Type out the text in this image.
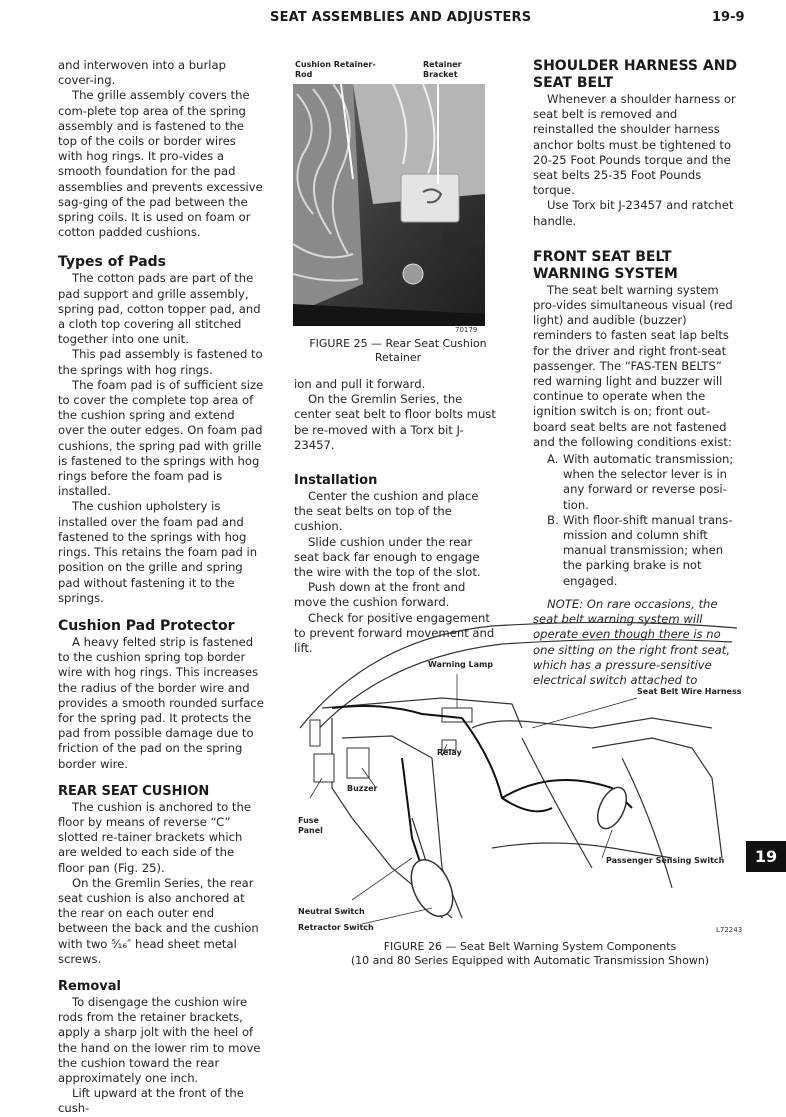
SEAT ASSEMBLIES AND ADJUSTERS	19-9

and interwoven into a burlap cover-ing.

The grille assembly covers the com-plete top area of the spring assembly and is fastened to the top of the coils or border wires with hog rings. It pro-vides a smooth foundation for the pad assemblies and prevents excessive sag-ging of the pad between the spring coils. It is used on foam or cotton padded cushions.

Types of Pads

The cotton pads are part of the pad support and grille assembly, spring pad, cotton topper pad, and a cloth top covering all stitched together into one unit.

This pad assembly is fastened to the springs with hog rings.

The foam pad is of sufficient size to cover the complete top area of the cushion spring and extend over the outer edges. On foam pad cushions, the spring pad with grille is fastened to the springs with hog rings before the foam pad is installed.

The cushion upholstery is installed over the foam pad and fastened to the springs with hog rings. This retains the foam pad in position on the grille and spring pad without fastening it to the springs.

Cushion Pad Protector

A heavy felted strip is fastened to the cushion spring top border wire with hog rings. This increases the radius of the border wire and provides a smooth rounded surface for the spring pad. It protects the pad from possible damage due to friction of the pad on the spring border wire.

REAR SEAT CUSHION

The cushion is anchored to the floor by means of reverse “C” slotted re-tainer brackets which are welded to each side of the floor pan (Fig. 25).

On the Gremlin Series, the rear seat cushion is also anchored at the rear on each outer end between the back and the cushion with two ⁵⁄₁₆″ head sheet metal screws.

Removal

To disengage the cushion wire rods from the retainer brackets, apply a sharp jolt with the heel of the hand on the lower rim to move the cushion toward the rear approximately one inch.

Lift upward at the front of the cush-

Cushion Retainer-Rod
Retainer Bracket
70179
FIGURE 25 — Rear Seat Cushion Retainer

ion and pull it forward.

On the Gremlin Series, the center seat belt to floor bolts must be re-moved with a Torx bit J-23457.

Installation

Center the cushion and place the seat belts on top of the cushion.

Slide cushion under the rear seat back far enough to engage the wire with the top of the slot.

Push down at the front and move the cushion forward.

Check for positive engagement to prevent forward movement and lift.

SHOULDER HARNESS AND SEAT BELT

Whenever a shoulder harness or seat belt is removed and reinstalled the shoulder harness anchor bolts must be tightened to 20-25 Foot Pounds torque and the seat belts 25-35 Foot Pounds torque.

Use Torx bit J-23457 and ratchet handle.

FRONT SEAT BELT WARNING SYSTEM

The seat belt warning system pro-vides simultaneous visual (red light) and audible (buzzer) reminders to fasten seat lap belts for the driver and right front-seat passenger. The “FAS-TEN BELTS” red warning light and buzzer will continue to operate when the ignition switch is on; front out-board seat belts are not fastened and the following conditions exist:

A. With automatic transmission; when the selector lever is in any forward or reverse posi-tion.
B. With floor-shift manual trans-mission and column shift manual transmission; when the parking brake is not engaged.

NOTE: On rare occasions, the seat belt warning system will operate even though there is no one sitting on the right front seat, which has a pressure-sensitive electrical switch attached to

Warning Lamp
Seat Belt Wire Harness
Relay
Buzzer
Fuse Panel
Passenger Sensing Switch
Neutral Switch
Retractor Switch	L72243
FIGURE 26 — Seat Belt Warning System Components
(10 and 80 Series Equipped with Automatic Transmission Shown)
19
